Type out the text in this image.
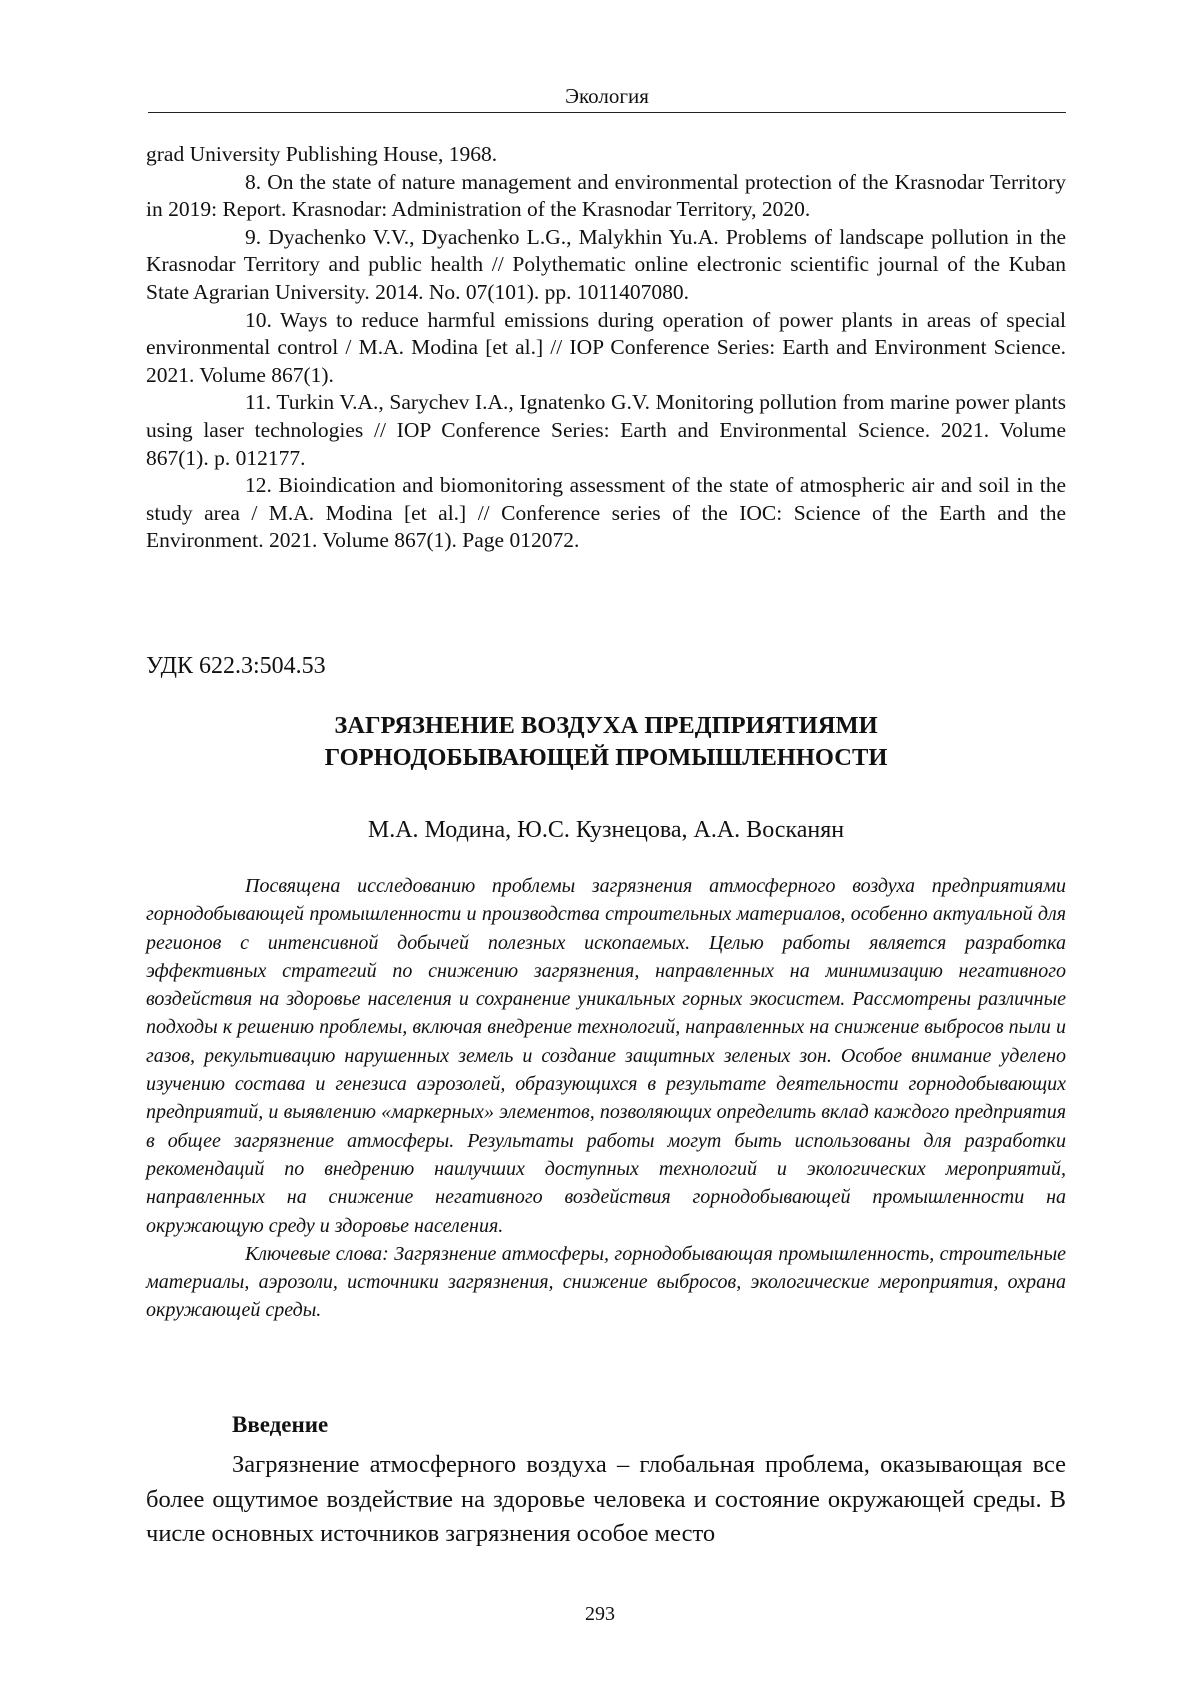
Экология

grad University Publishing House, 1968.

8. On the state of nature management and environmental protection of the Krasnodar Territory in 2019: Report. Krasnodar: Administration of the Krasnodar Territory, 2020.

9. Dyachenko V.V., Dyachenko L.G., Malykhin Yu.A. Problems of landscape pollution in the Krasnodar Territory and public health // Polythematic online electronic scientific journal of the Kuban State Agrarian University. 2014. No. 07(101). pp. 1011407080.

10. Ways to reduce harmful emissions during operation of power plants in areas of special environmental control / M.A. Modina [et al.] // IOP Conference Series: Earth and Environment Science. 2021. Volume 867(1).

11. Turkin V.A., Sarychev I.A., Ignatenko G.V. Monitoring pollution from marine power plants using laser technologies // IOP Conference Series: Earth and Environmental Science. 2021. Volume 867(1). p. 012177.

12. Bioindication and biomonitoring assessment of the state of atmospheric air and soil in the study area / M.A. Modina [et al.] // Conference series of the IOC: Science of the Earth and the Environment. 2021. Volume 867(1). Page 012072.

УДК 622.3:504.53
ЗАГРЯЗНЕНИЕ ВОЗДУХА ПРЕДПРИЯТИЯМИ
ГОРНОДОБЫВАЮЩЕЙ ПРОМЫШЛЕННОСТИ
М.А. Модина, Ю.С. Кузнецова, А.А. Восканян

Посвящена исследованию проблемы загрязнения атмосферного воздуха предприятиями горнодобывающей промышленности и производства строительных материалов, особенно актуальной для регионов с интенсивной добычей полезных ископаемых. Целью работы является разработка эффективных стратегий по снижению загрязнения, направленных на минимизацию негативного воздействия на здоровье населения и сохранение уникальных горных экосистем. Рассмотрены различные подходы к решению проблемы, включая внедрение технологий, направленных на снижение выбросов пыли и газов, рекультивацию нарушенных земель и создание защитных зеленых зон. Особое внимание уделено изучению состава и генезиса аэрозолей, образующихся в результате деятельности горнодобывающих предприятий, и выявлению «маркерных» элементов, позволяющих определить вклад каждого предприятия в общее загрязнение атмосферы. Результаты работы могут быть использованы для разработки рекомендаций по внедрению наилучших доступных технологий и экологических мероприятий, направленных на снижение негативного воздействия горнодобывающей промышленности на окружающую среду и здоровье населения.

Ключевые слова: Загрязнение атмосферы, горнодобывающая промышленность, строительные материалы, аэрозоли, источники загрязнения, снижение выбросов, экологические мероприятия, охрана окружающей среды.

Введение

Загрязнение атмосферного воздуха – глобальная проблема, оказывающая все более ощутимое воздействие на здоровье человека и состояние окружающей среды. В числе основных источников загрязнения особое место

293
